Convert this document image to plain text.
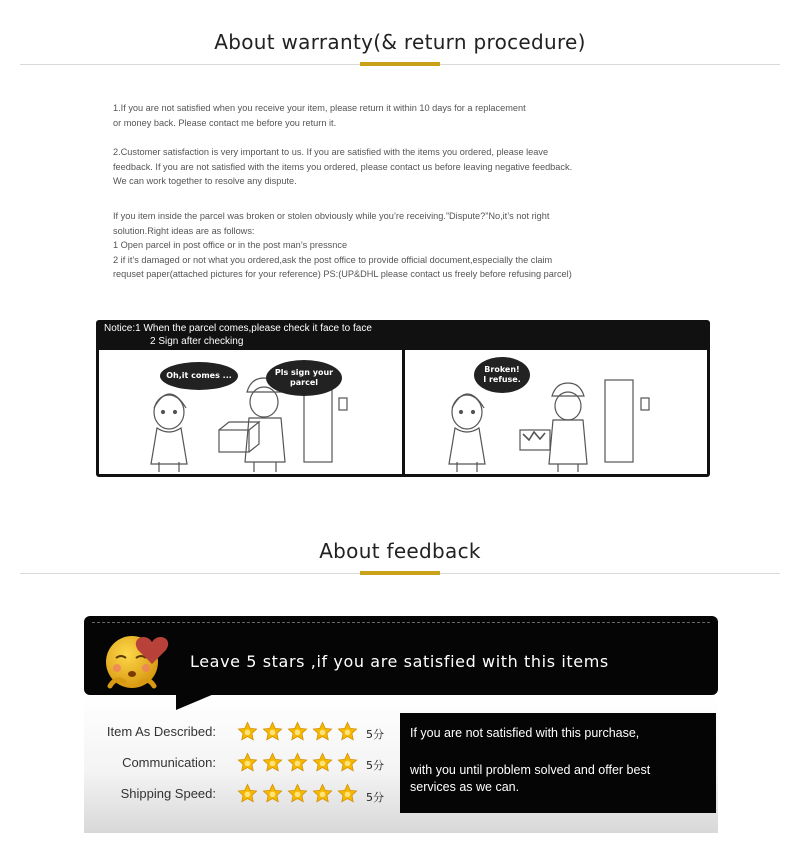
About warranty(& return procedure)
1.If you are not satisfied when you receive your item, please return it within 10 days for a replacement
or money back. Please contact me before you return it.
2.Customer satisfaction is very important to us. If you are satisfied with the items you ordered, please leave
feedback. If you are not satisfied with the items you ordered, please contact us before leaving negative feedback.
We can work together to resolve any dispute.
If you item inside the parcel was broken or stolen obviously while you’re receiving.”Dispute?”No,it’s not right
solution.Right ideas are as follows:
1 Open parcel in post office or in the post man’s pressnce
2 if it’s damaged or not what you ordered,ask the post office to provide official document,especially the claim
requset paper(attached pictures for your reference) PS:(UP&DHL please contact us freely before refusing parcel)
Notice:1 When the parcel comes,please check it face to face
2 Sign after checking
Oh,it comes ...	Pls sign your parcel
Broken!
I refuse.
About feedback
Leave 5 stars ,if you are satisfied with this items
Item As Described:	5分
Communication:	5分
Shipping Speed:	5分
If you are not satisfied with this purchase,
with you until problem solved and offer best
services as we can.
